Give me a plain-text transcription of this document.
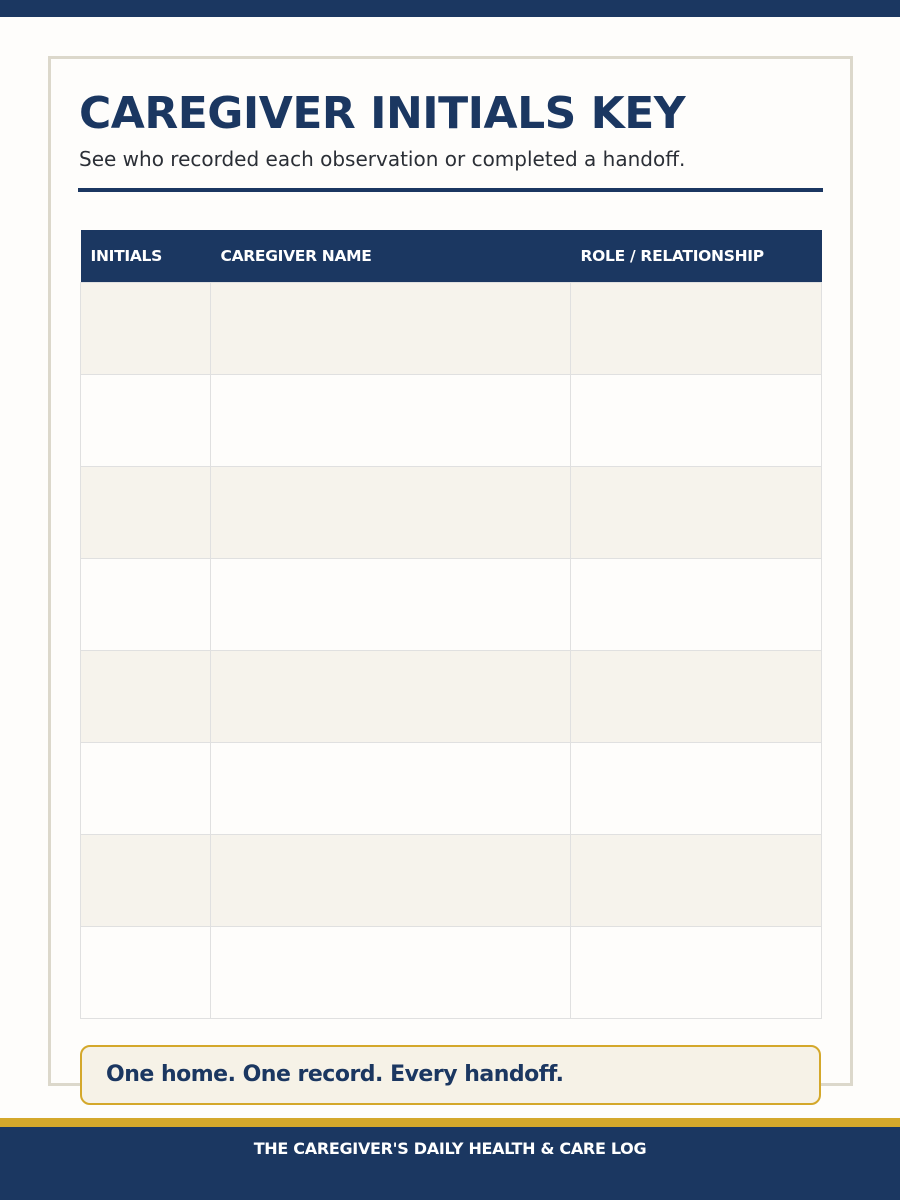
CAREGIVER INITIALS KEY

See who recorded each observation or completed a handoff.

INITIALS	CAREGIVER NAME	ROLE / RELATIONSHIP

One home. One record. Every handoff.
THE CAREGIVER'S DAILY HEALTH & CARE LOG
